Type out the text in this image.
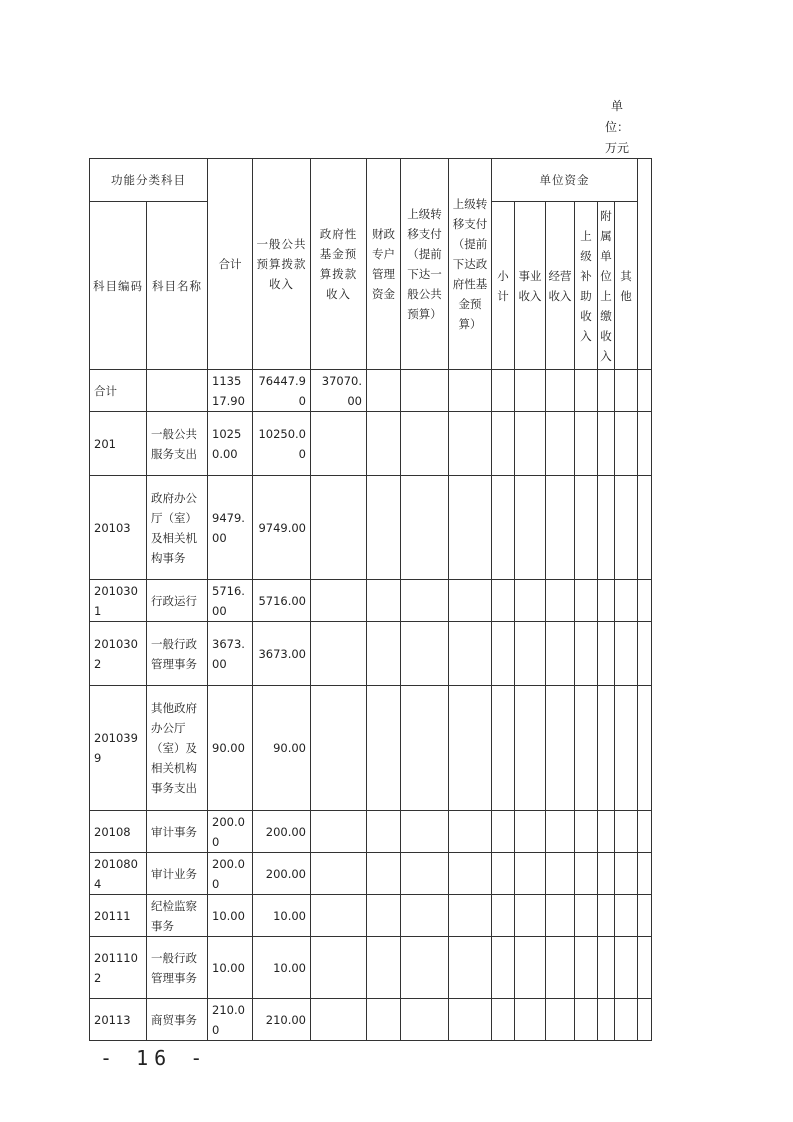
单
位：
万元
功能分类科目		合计	一般公共预算拨款收入	政府性基金预算拨款收入	财政专户管理资金	上级转移支付（提前下达一般公共预算）	上级转移支付（提前下达政府性基金预算）	单位资金						
科目编码	科目名称							小计	事业收入	经营收入	上级补助收入	附属单位上缴收入	其他	
合计		113517.90	76447.90	37070.00										
201	一般公共服务支出	10250.00	10250.00											
20103	政府办公厅（室）及相关机构事务	9479.00	9749.00											
2010301	行政运行	5716.00	5716.00											
2010302	一般行政管理事务	3673.00	3673.00											
2010399	其他政府办公厅（室）及相关机构事务支出	90.00	90.00											
20108	审计事务	200.00	200.00											
2010804	审计业务	200.00	200.00											
20111	纪检监察事务	10.00	10.00											
2011102	一般行政管理事务	10.00	10.00											
20113	商贸事务	210.00	210.00											
- 16 -
